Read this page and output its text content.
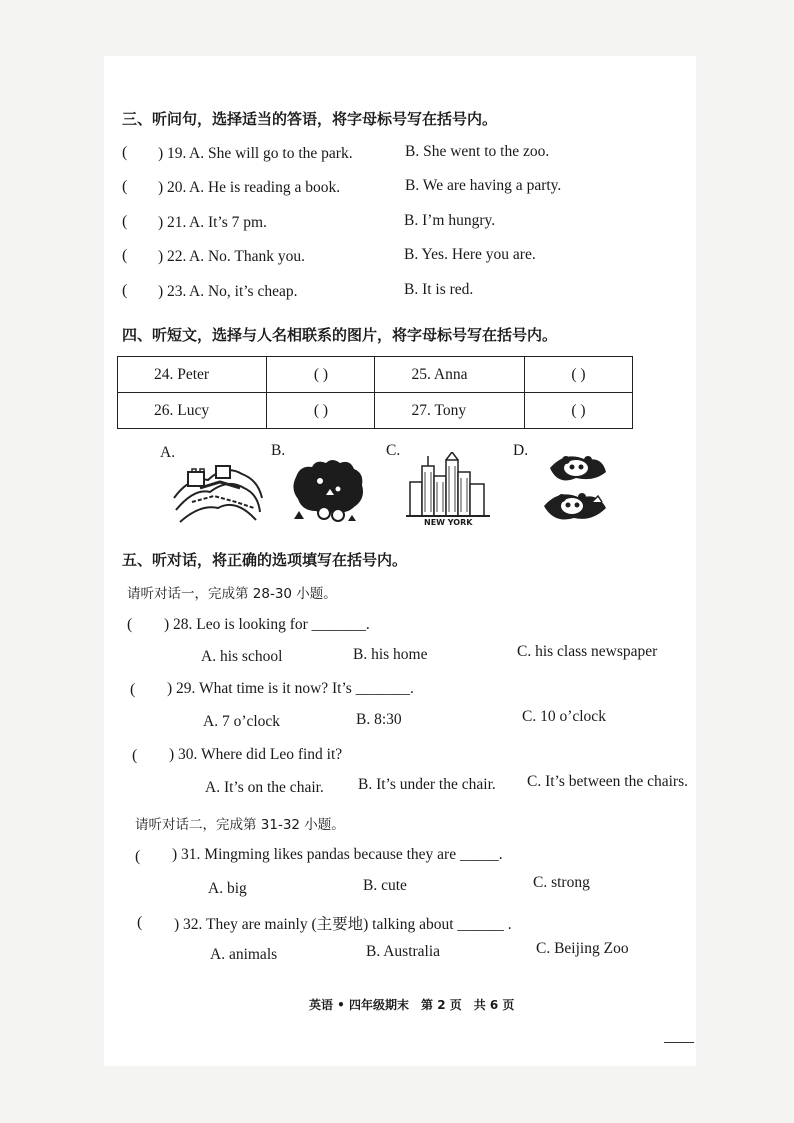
三、听问句，选择适当的答语，将字母标号写在括号内。
( ) 19. A. She will go to the park.	B. She went to the zoo.
( ) 20. A. He is reading a book.	B. We are having a party.
( ) 21. A. It’s 7 pm.	B. I’m hungry.
( ) 22. A. No. Thank you.	B. Yes. Here you are.
( ) 23. A. No, it’s cheap.	B. It is red.
四、听短文，选择与人名相联系的图片，将字母标号写在括号内。
24. Peter	( )	25. Anna	( )
26. Lucy	( )	27. Tony	( )
A.	B.	C.	D.
NEW YORK
五、听对话，将正确的选项填写在括号内。
请听对话一，完成第 28-30 小题。
( ) 28. Leo is looking for _______.
A. his school	B. his home	C. his class newspaper
( ) 29. What time is it now? It’s _______.
A. 7 o’clock	B. 8:30	C. 10 o’clock
( ) 30. Where did Leo find it?
A. It’s on the chair. B. It’s under the chair. C. It’s between the chairs.
请听对话二，完成第 31-32 小题。
( ) 31. Mingming likes pandas because they are _____.
A. big	B. cute	C. strong
( ) 32. They are mainly (主要地) talking about ______ .
A. animals	B. Australia	C. Beijing Zoo
英语 • 四年级期末　第 2 页　共 6 页
